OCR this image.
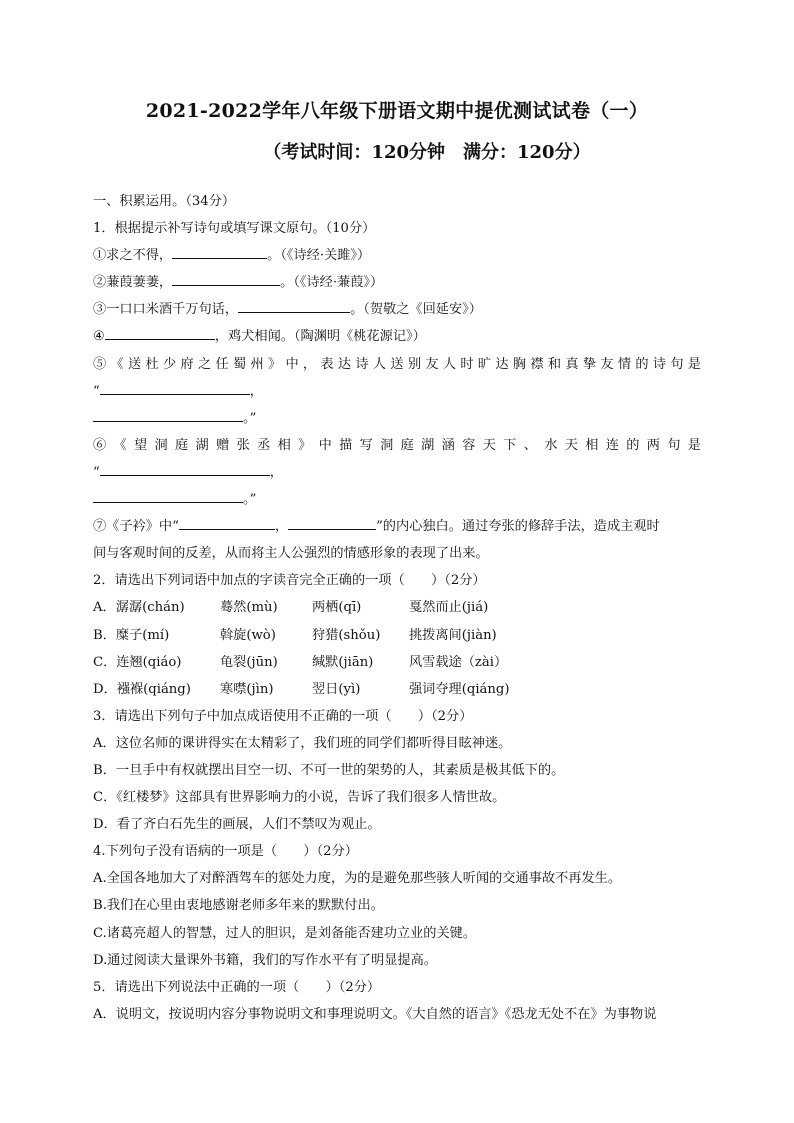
2021-2022学年八年级下册语文期中提优测试试卷（一）
（考试时间：120分钟　满分：120分）
一、积累运用。（34分）
1．根据提示补写诗句或填写课文原句。（10分）
①求之不得，	。（《诗经·关雎》）
②蒹葭萋萋，	。（《诗经·蒹葭》）
③一口口米酒千万句话，	。（贺敬之《回延安》）
④	，鸡犬相闻。（陶渊明《桃花源记》）
⑤《送杜少府之任蜀州》中，表达诗人送别友人时旷达胸襟和真挚友情的诗句是
“	，
。”
⑥《望洞庭湖赠张丞相》中描写洞庭湖涵容天下、水天相连的两句是
“	，
。”
⑦《子衿》中“	，	”的内心独白。通过夸张的修辞手法，造成主观时
间与客观时间的反差，从而将主人公强烈的情感形象的表现了出来。
2．请选出下列词语中加点的字读音完全正确的一项（　　）（2分）
A．潺潺(chán)	蓦然(mù)	两栖(qī)	戛然而止(jiá)
B．糜子(mí)	斡旋(wò)	狩猎(shǒu)	挑拨离间(jiàn)
C．连翘(qiáo)	龟裂(jūn)	缄默(jiān)	风雪载途（zài）
D．襁褓(qiáng)	寒噤(jìn)	翌日(yì)	强词夺理(qiáng)
3．请选出下列句子中加点成语使用不正确的一项（　　）（2分）
A．这位名师的课讲得实在太精彩了，我们班的同学们都听得目眩神迷。
B．一旦手中有权就摆出目空一切、不可一世的架势的人，其素质是极其低下的。
C．《红楼梦》这部具有世界影响力的小说，告诉了我们很多人情世故。
D．看了齐白石先生的画展，人们不禁叹为观止。
4.下列句子没有语病的一项是（　　）（2分）
A.全国各地加大了对醉酒驾车的惩处力度，为的是避免那些骇人听闻的交通事故不再发生。
B.我们在心里由衷地感谢老师多年来的默默付出。
C.诸葛亮超人的智慧，过人的胆识，是刘备能否建功立业的关键。
D.通过阅读大量课外书籍，我们的写作水平有了明显提高。
5．请选出下列说法中正确的一项（　　）（2分）
A．说明文，按说明内容分事物说明文和事理说明文。《大自然的语言》《恐龙无处不在》为事物说
